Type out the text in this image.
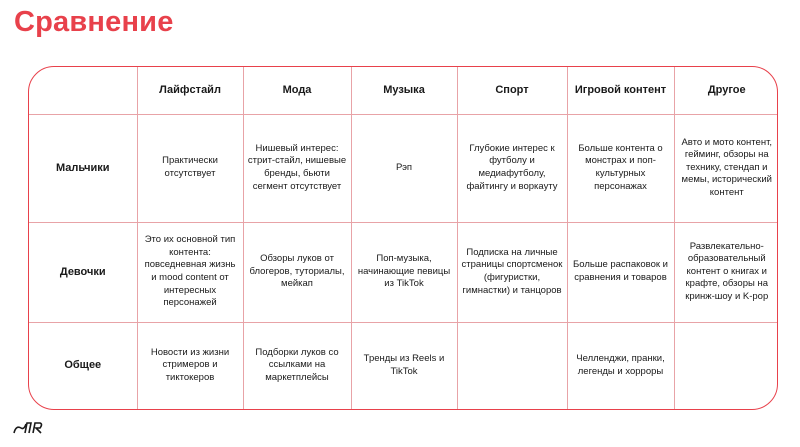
Сравнение
	Лайфстайл	Мода	Музыка	Спорт	Игровой контент	Другое
Мальчики	Практически отсутствует	Нишевый интерес: стрит-стайл, нишевые бренды, бьюти сегмент отсутствует	Рэп	Глубокие интерес к футболу и медиафутболу, файтингу и воркауту	Больше контента о монстрах и поп-культурных персонажах	Авто и мото контент, гейминг, обзоры на технику, стендап и мемы, исторический контент
Девочки	Это их основной тип контента: повседневная жизнь и mood content от интересных персонажей	Обзоры луков от блогеров, туториалы, мейкап	Поп-музыка, начинающие певицы из TikTok	Подписка на личные страницы спортсменок (фигуристки, гимнастки) и танцоров	Больше распаковок и сравнения и товаров	Развлекательно-образовательный контент о книгах и крафте, обзоры на кринж-шоу и K-pop
Общее	Новости из жизни стримеров и тиктокеров	Подборки луков со ссылками на маркетплейсы	Тренды из Reels и TikTok		Челленджи, пранки, легенды и хорроры	
